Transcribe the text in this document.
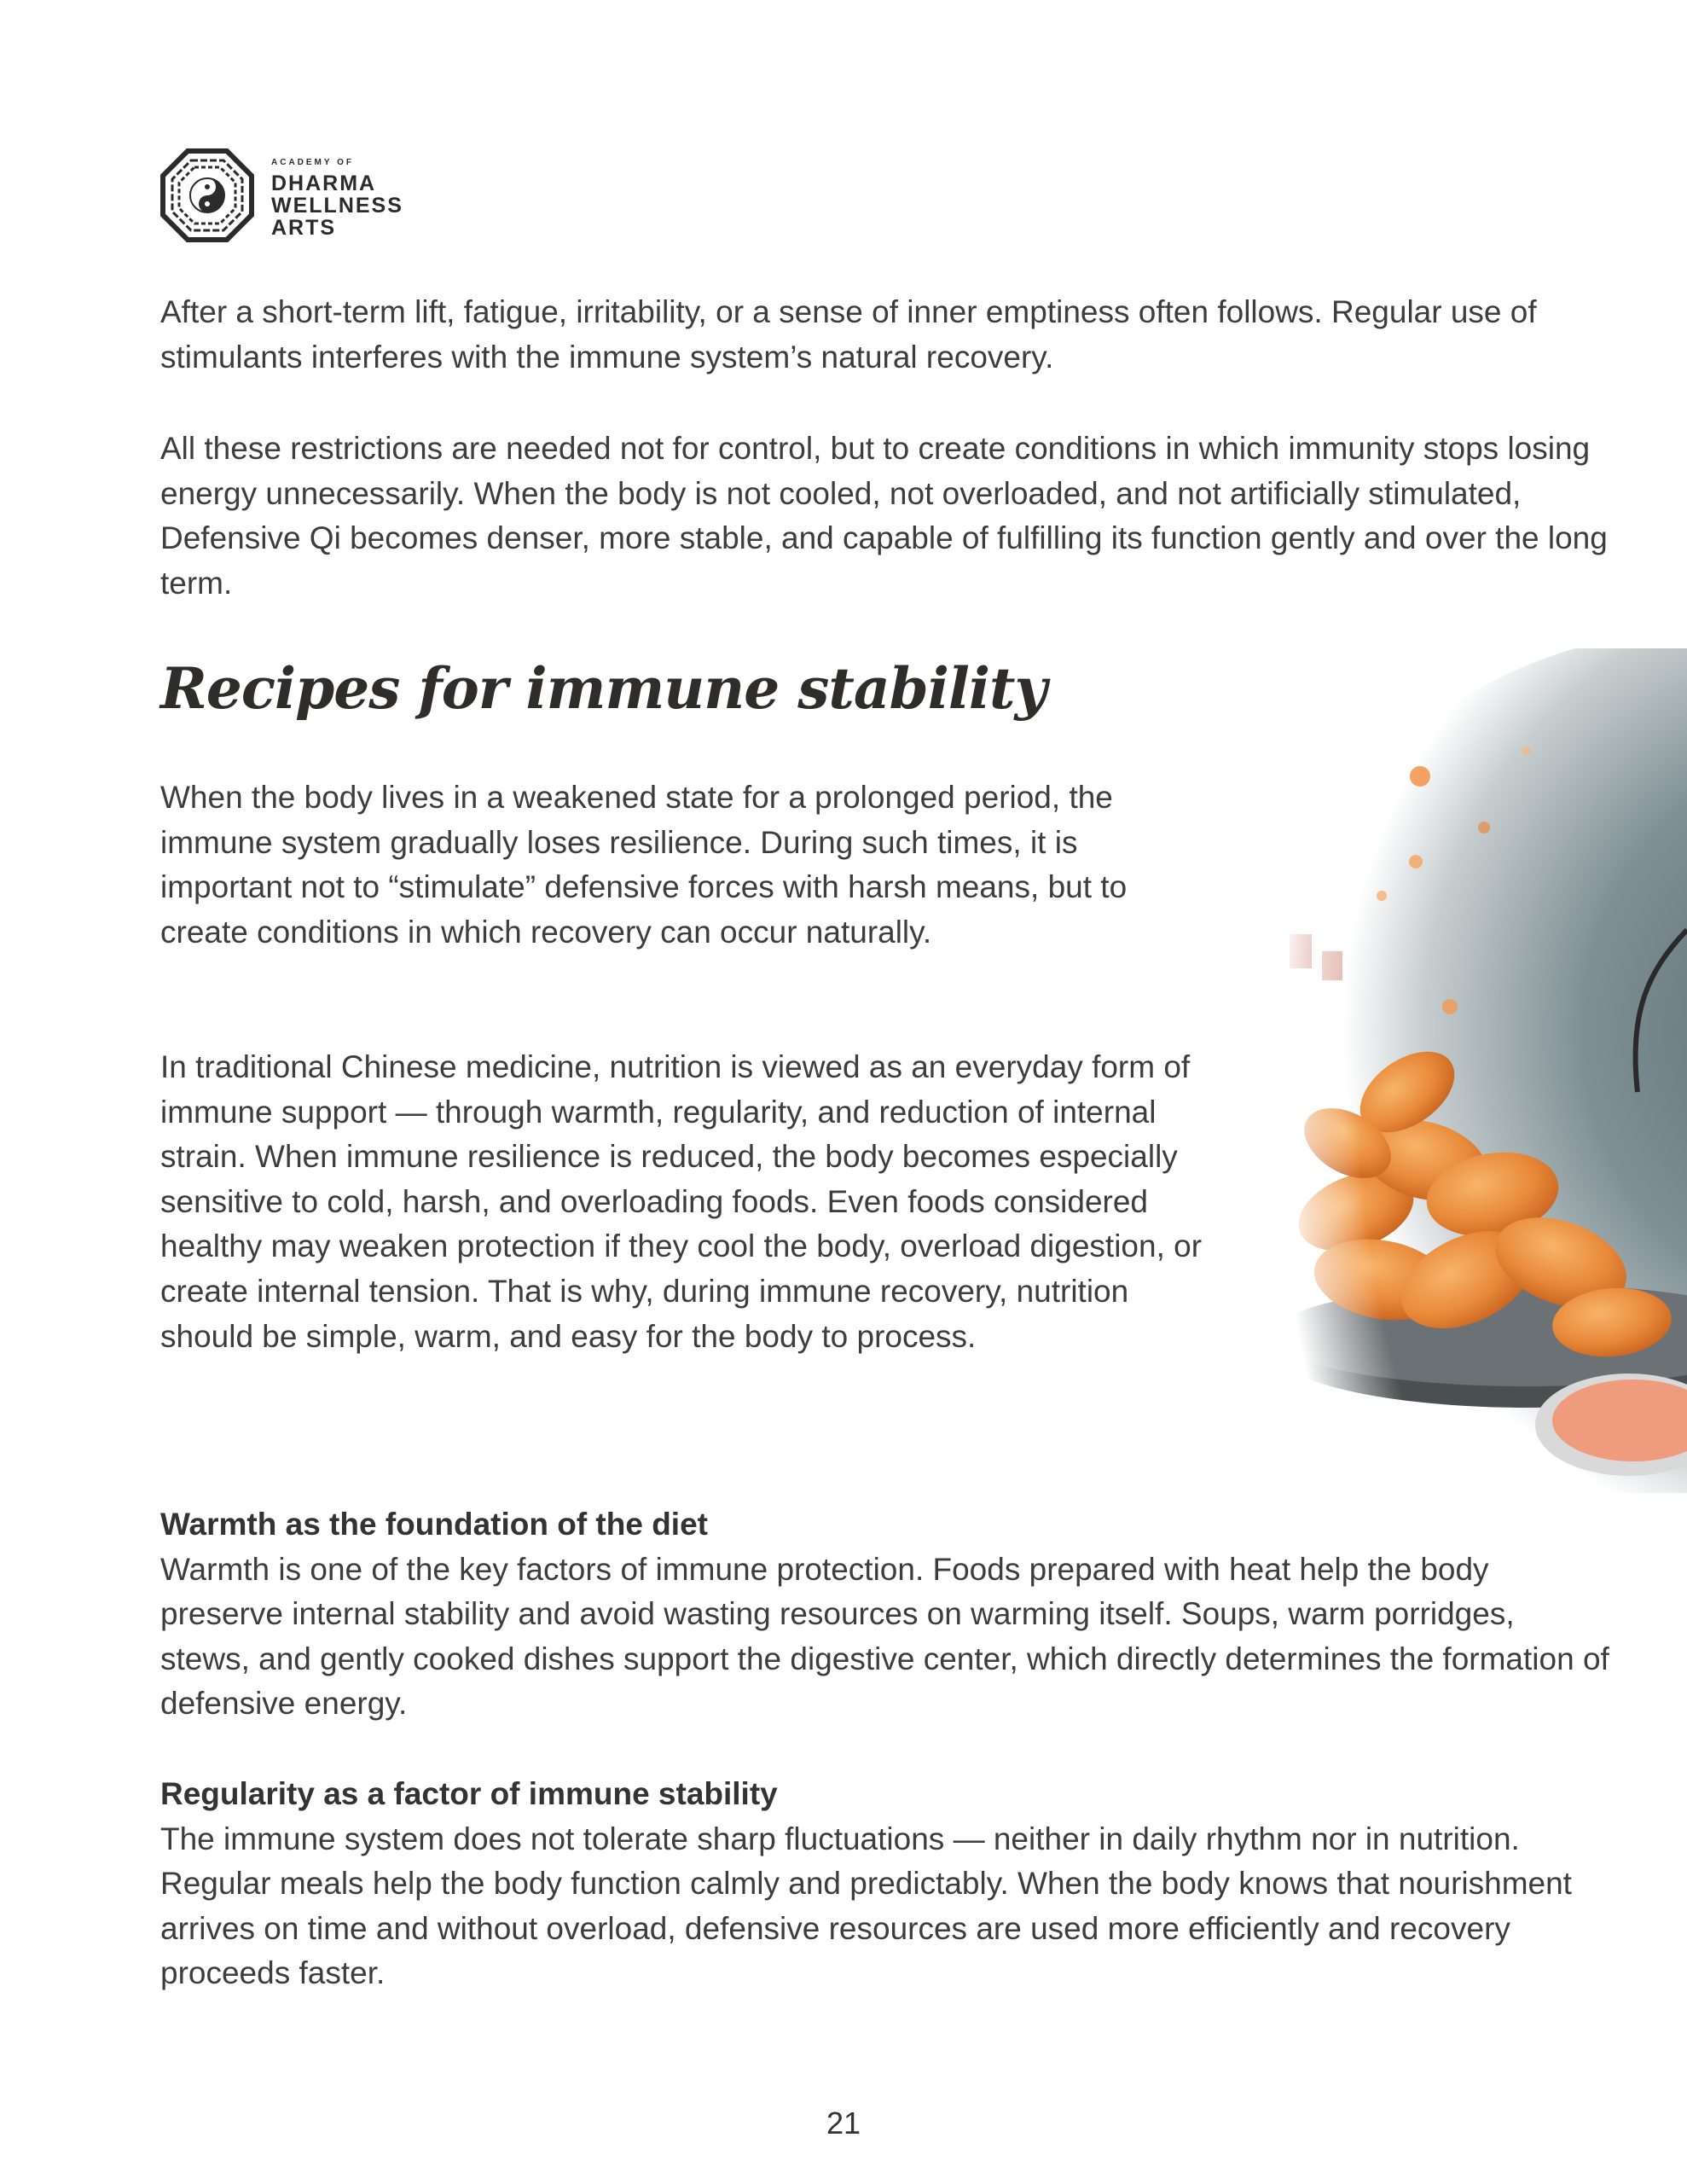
ACADEMY OF
DHARMA
WELLNESS
ARTS

After a short-term lift, fatigue, irritability, or a sense of inner emptiness often follows. Regular use of stimulants interferes with the immune system’s natural recovery.

All these restrictions are needed not for control, but to create conditions in which immunity stops losing energy unnecessarily. When the body is not cooled, not overloaded, and not artificially stimulated, Defensive Qi becomes denser, more stable, and capable of fulfilling its function gently and over the long term.

Recipes for immune stability

When the body lives in a weakened state for a prolonged period, the immune system gradually loses resilience. During such times, it is important not to “stimulate” defensive forces with harsh means, but to create conditions in which recovery can occur naturally.

In traditional Chinese medicine, nutrition is viewed as an everyday form of immune support — through warmth, regularity, and reduction of internal strain. When immune resilience is reduced, the body becomes especially sensitive to cold, harsh, and overloading foods. Even foods considered healthy may weaken protection if they cool the body, overload digestion, or create internal tension. That is why, during immune recovery, nutrition should be simple, warm, and easy for the body to process.

Warmth as the foundation of the diet
Warmth is one of the key factors of immune protection. Foods prepared with heat help the body preserve internal stability and avoid wasting resources on warming itself. Soups, warm porridges, stews, and gently cooked dishes support the digestive center, which directly determines the formation of defensive energy.

Regularity as a factor of immune stability
The immune system does not tolerate sharp fluctuations — neither in daily rhythm nor in nutrition. Regular meals help the body function calmly and predictably. When the body knows that nourishment arrives on time and without overload, defensive resources are used more efficiently and recovery proceeds faster.

21
